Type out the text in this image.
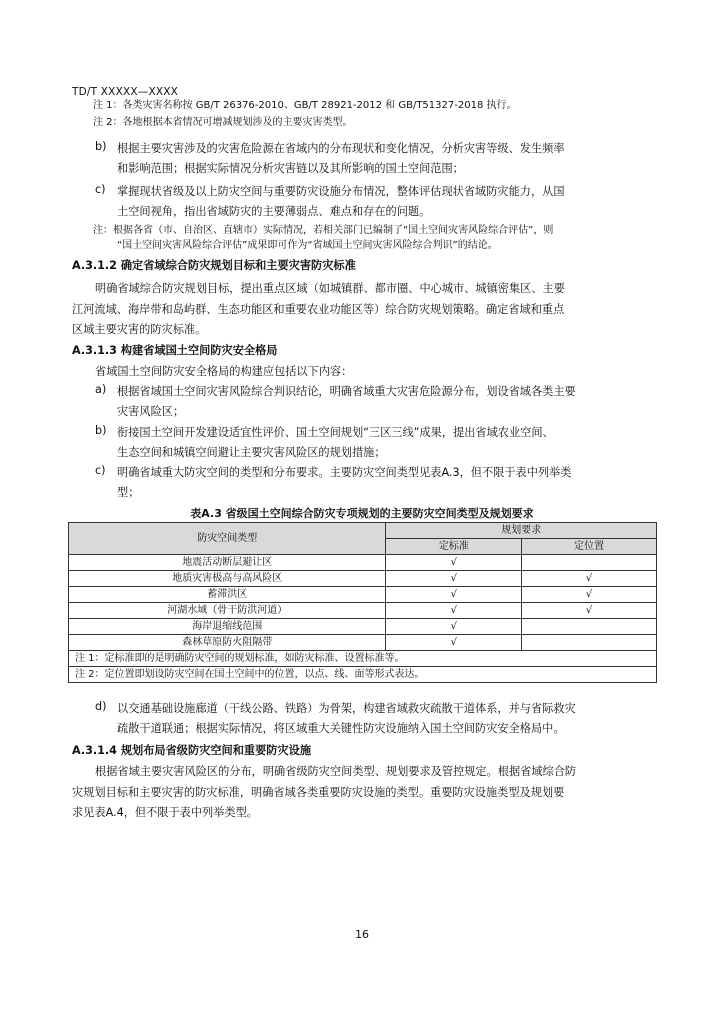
TD/T XXXXX—XXXX
注 1：各类灾害名称按 GB/T 26376-2010、GB/T 28921-2012 和 GB/T51327-2018 执行。
注 2：各地根据本省情况可增减规划涉及的主要灾害类型。
b) 根据主要灾害涉及的灾害危险源在省域内的分布现状和变化情况，分析灾害等级、发生频率
和影响范围；根据实际情况分析灾害链以及其所影响的国土空间范围；
c) 掌握现状省级及以上防灾空间与重要防灾设施分布情况，整体评估现状省域防灾能力，从国
土空间视角，指出省域防灾的主要薄弱点、难点和存在的问题。
注：根据各省（市、自治区、直辖市）实际情况，若相关部门已编制了“国土空间灾害风险综合评估”，则
“国土空间灾害风险综合评估”成果即可作为“省域国土空间灾害风险综合判识”的结论。
A.3.1.2 确定省域综合防灾规划目标和主要灾害防灾标准
明确省域综合防灾规划目标，提出重点区域（如城镇群、都市圈、中心城市、城镇密集区、主要
江河流域、海岸带和岛屿群、生态功能区和重要农业功能区等）综合防灾规划策略。确定省域和重点
区域主要灾害的防灾标准。
A.3.1.3 构建省域国土空间防灾安全格局
省域国土空间防灾安全格局的构建应包括以下内容：
a) 根据省域国土空间灾害风险综合判识结论，明确省域重大灾害危险源分布，划设省域各类主要
灾害风险区；
b) 衔接国土空间开发建设适宜性评价、国土空间规划“三区三线”成果，提出省域农业空间、
生态空间和城镇空间避让主要灾害风险区的规划措施；
c) 明确省域重大防灾空间的类型和分布要求。主要防灾空间类型见表A.3，但不限于表中列举类
型；
表A.3 省级国土空间综合防灾专项规划的主要防灾空间类型及规划要求
防灾空间类型	规划要求	
	定标准	定位置
地震活动断层避让区	√	
地质灾害极高与高风险区	√	√
蓄滞洪区	√	√
河湖水域（骨干防洪河道）	√	√
海岸退缩线范围	√	
森林草原防火阻隔带	√	
注 1：定标准即的是明确防灾空间的规划标准，如防灾标准、设置标准等。		
注 2：定位置即划设防灾空间在国土空间中的位置，以点、线、面等形式表达。		
d) 以交通基础设施廊道（干线公路、铁路）为骨架，构建省域救灾疏散干道体系，并与省际救灾
疏散干道联通；根据实际情况，将区域重大关键性防灾设施纳入国土空间防灾安全格局中。
A.3.1.4 规划布局省级防灾空间和重要防灾设施
根据省域主要灾害风险区的分布，明确省级防灾空间类型、规划要求及管控规定。根据省域综合防
灾规划目标和主要灾害的防灾标准，明确省域各类重要防灾设施的类型。重要防灾设施类型及规划要
求见表A.4，但不限于表中列举类型。
16
